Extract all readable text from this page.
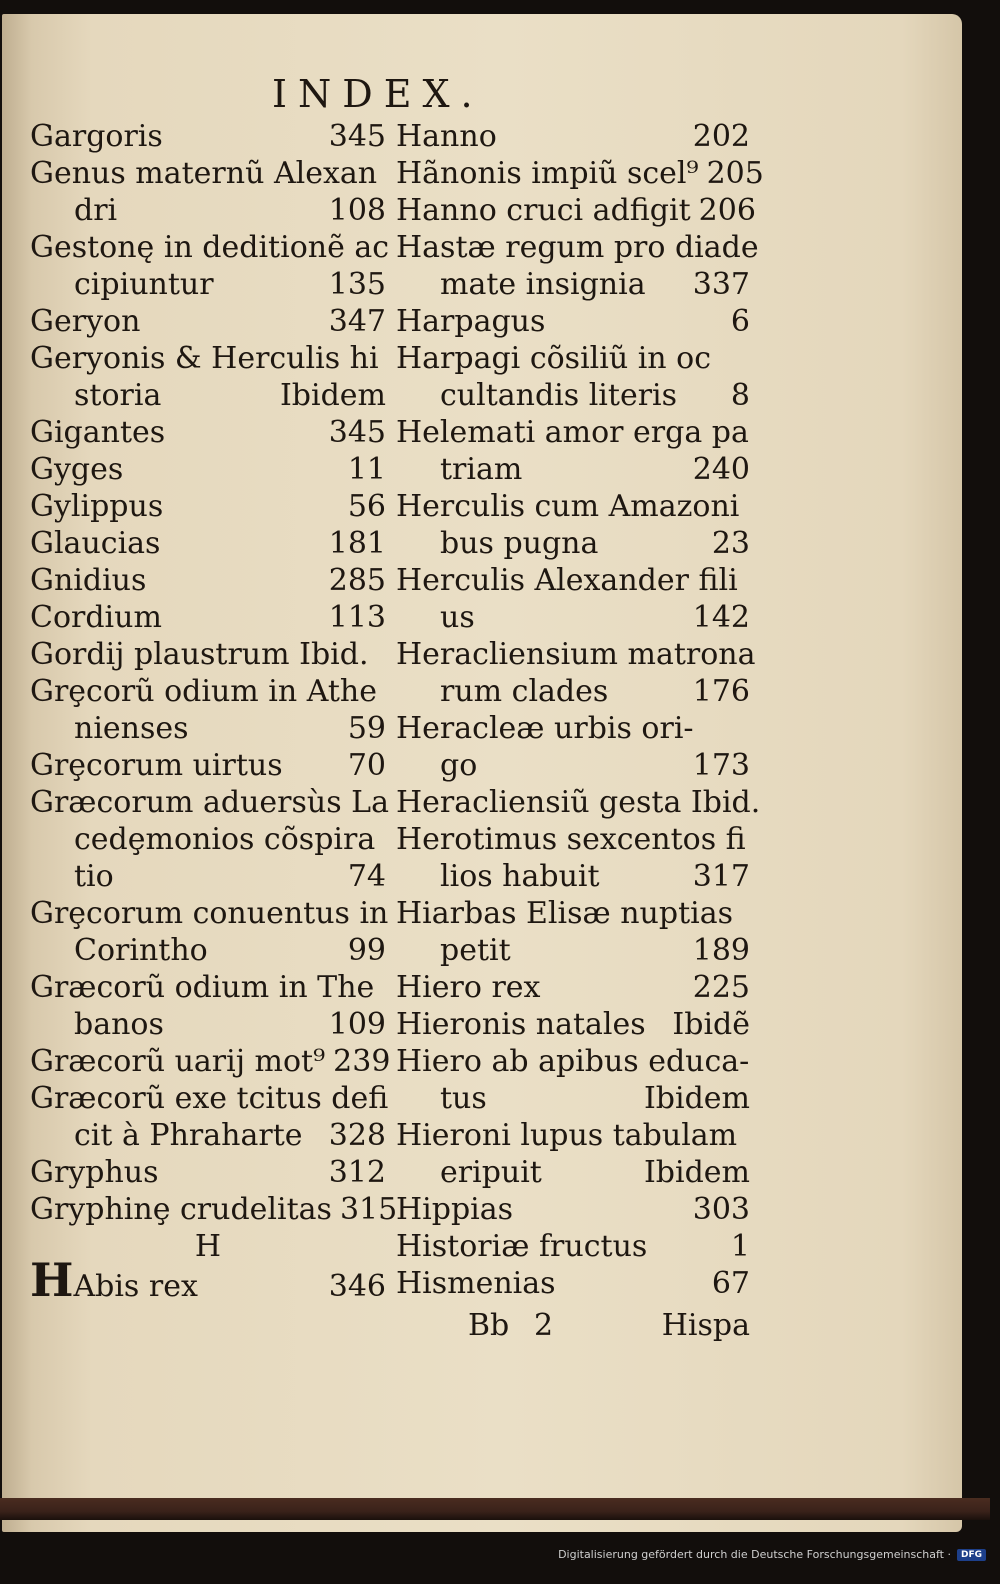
INDEX.
Gargoris	345
Genus maternũ Alexan
dri	108
Gestonę in deditionẽ ac
cipiuntur	135
Geryon	347
Geryonis & Herculis hi
storia	Ibidem
Gigantes	345
Gyges	11
Gylippus	56
Glaucias	181
Gnidius	285
Cordium	113
Gordij plaustrum Ibid.
Grȩcorũ odium in Athe
nienses	59
Grȩcorum uirtus 70
Græcorum aduersùs La
cedȩmonios cõspira
tio	74
Grȩcorum conuentus in
Corintho	99
Græcorũ odium in The
banos	109
Græcorũ uarij mot⁹ 239
Græcorũ exe tcitus defi
cit à Phraharte 328
Gryphus	312
Gryphinȩ crudelitas 315
H
HAbis rex	346
Hanno	202
Hãnonis impiũ scel⁹ 205
Hanno cruci adfigit 206
Hastæ regum pro diade
mate insignia 337
Harpagus	6
Harpagi cõsiliũ in oc
cultandis literis 8
Helemati amor erga pa
triam	240
Herculis cum Amazoni
bus pugna	23
Herculis Alexander fili
us	142
Heracliensium matrona
rum clades	176
Heracleæ urbis ori-
go	173
Heracliensiũ gesta Ibid.
Herotimus sexcentos fi
lios habuit	317
Hiarbas Elisæ nuptias
petit	189
Hiero rex	225
Hieronis natales Ibidẽ
Hiero ab apibus educa-
tus	Ibidem
Hieroni lupus tabulam
eripuit	Ibidem
Hippias	303
Historiæ fructus	1
Hismenias	67
Bb 2	Hispa
Digitalisierung gefördert durch die Deutsche Forschungsgemeinschaft ·	DFG
